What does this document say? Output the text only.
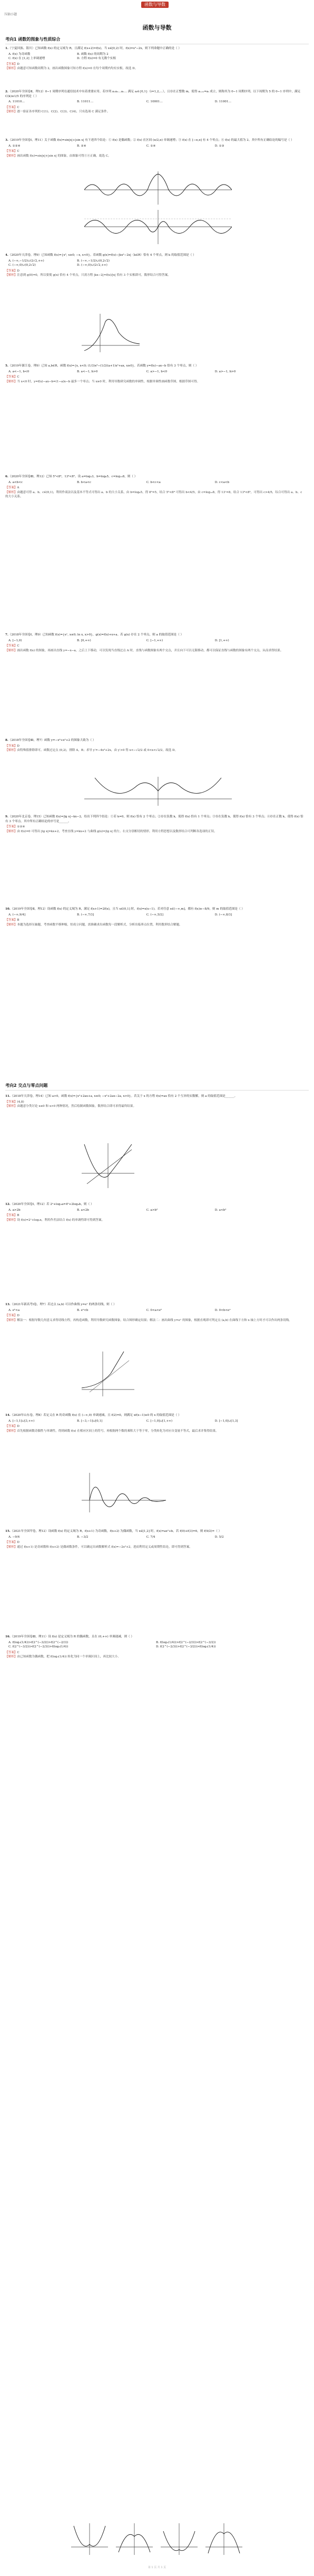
函数与导数
压轴小题
函数与导数
考向1 函数的图象与性质综合

1.（宁夏回族、银川）已知函数 f(x) 的定义域为 R，且满足 f(x+2)=f(x)，当 x∈[0,2) 时，f(x)=x²−2x，则下列命题中正确的是（ ）

A. f(x) 为奇函数	B. 函数 f(x) 的周期为 2
C. f(x) 在 [1,2] 上单调递增	D. 方程 f(x)=0 有无数个实根
【答案】D
【解析】由题意可知函数周期为 2，画出函数图象可知方程 f(x)=0 在每个周期内均有实根，故选 D。

2.（2020年全国卷Ⅱ，理12）0−1 周期序列在通信技术中有着重要应用。若序列 a₁a₂…aₙ… 满足 aᵢ∈{0,1}（i=1,2,…），且存在正整数 m，使得 aᵢ₊ₘ=aᵢ 成立，则称其为 0−1 周期序列。以下周期为 5 的 0−1 序列中，满足 C(k)≤1/5 的序列是（ ）

A. 11010…	B. 11011…	C. 10001…	D. 11001…
【答案】C
【解析】逐一验证各序列的 C(1)、C(2)、C(3)、C(4)，只有选项 C 满足条件。

3.（2019年全国卷Ⅰ，理11）关于函数 f(x)=sin|x|+|sin x| 有下述四个结论：① f(x) 是偶函数；② f(x) 在区间 (π/2,π) 单调递增；③ f(x) 在 [−π,π] 有 4 个零点；④ f(x) 的最大值为 2。其中所有正确结论的编号是（ ）

A. ①②④	B. ②④	C. ①④	D. ①③
【答案】C
【解析】画出函数 f(x)=sin|x|+|sin x| 的图象，由图象可得①④正确，故选 C。

4.（2020年天津卷，理9）已知函数 f(x)={x³, x≥0; −x, x<0}。若函数 g(x)=f(x)−|kx²−2x|（k∈R）恰有 4 个零点，则 k 的取值范围是（ ）

A. (−∞,−1/2)∪(2√2,+∞)	B. (−∞,−1/2)∪(0,2√2)
C. (−∞,0)∪(0,2√2)	D. (−∞,0)∪(2√2,+∞)
【答案】D
【解析】注意到 g(0)=0，所以要使 g(x) 恰有 4 个零点，只需方程 |kx−2|=f(x)/|x| 恰有 3 个实根即可，数形结合可得答案。

5.（2019年浙江卷，理9）已知 a,b∈R，函数 f(x)={x, x<0; (1/3)x³−(1/2)(a+1)x²+ax, x≥0}。若函数 y=f(x)−ax−b 恰有 3 个零点，则（ ）

A. a<−1, b<0	B. a<−1, b>0	C. a>−1, b<0	D. a>−1, b>0
【答案】C
【解析】当 x<0 时，y=f(x)−ax−b=(1−a)x−b 最多一个零点；当 x≥0 时，利用导数研究函数的单调性，根据单调性画函数草图，根据草图可得。

6.（2020年全国卷Ⅲ，理12）已知 5⁵<8⁴，13⁴<8⁵。设 a=log₅3，b=log₈5，c=log₁₃8，则（ ）

A. a<b<c	B. b<a<c	C. b<c<a	D. c<a<b
【答案】A
【解析】由题意可得 a、b、c∈(0,1)，利用作商法以及基本不等式可得出 a、b 的大小关系，由 b=log₈5，得 8ᵇ=5，结合 5⁵<8⁴ 可得出 b<4/5，由 c=log₁₃8，得 13ᶜ=8，结合 13⁴<8⁵，可得出 c>4/5，综合可得出 a、b、c 的大小关系。

7.（2018年全国卷Ⅰ，理9）已知函数 f(x)={eˣ, x≤0; ln x, x>0}，g(x)=f(x)+x+a。若 g(x) 存在 2 个零点，则 a 的取值范围是（ ）

A. [−1,0)	B. [0,+∞)	C. [−1,+∞)	D. [1,+∞)
【答案】C
【解析】画出函数 f(x) 的图象，再画出直线 y=−x−a，之后上下移动，可以发现当直线过点 A 时，直线与函数图象有两个交点，并且向下可以无限移动，都可以保证直线与函数的图象有两个交点，从而求得结果。

8.（2018年全国卷Ⅲ，理7）函数 y=−x⁴+x²+2 的图象大致为（ ）

【答案】D
【解析】由特殊值排除即可。函数过定点 (0,2)，排除 A，B；求导 y′=−4x³+2x，由 y′>0 得 x<−√2/2 或 0<x<√2/2，故选 D。

9.（2020年北京卷，理15）已知函数 f(x)=|lg x|−kx−2，给出下列四个结论：①若 k=0，则 f(x) 恰有 2 个零点；②存在负数 k，使得 f(x) 恰有 1 个零点；③存在负数 k，使得 f(x) 恰有 3 个零点；④存在正数 k，使得 f(x) 恰有 3 个零点。其中所有正确结论的序号是______。

【答案】①②④
【解析】由 f(x)=0 可得出 |lg x|=kx+2，考查直线 y=kx+2 与曲线 g(x)=|lg x| 的左、右支分别相切的情形，利用方程思想以及数形结合可判断各选项的正误。

10.（2019年全国卷Ⅱ，理12）设函数 f(x) 的定义域为 R，满足 f(x+1)=2f(x)，且当 x∈(0,1] 时，f(x)=x(x−1)。若对任意 x∈(−∞,m]，都有 f(x)≥−8/9，则 m 的取值范围是（ ）

A. (−∞,9/4]	B. (−∞,7/3]	C. (−∞,5/2]	D. (−∞,8/3]
【答案】B
【解析】本题为选择压轴题，考查函数平移伸缩，恒成立问题，需准确求出函数每一段解析式，分析出临界点位置，利用数形结合解题。
考向2 交点与零点问题

11.（2018年天津卷，理14）已知 a>0，函数 f(x)={x²+2ax+a, x≤0; −x²+2ax−2a, x>0}。若关于 x 的方程 f(x)=ax 恰有 2 个互异的实数解，则 a 的取值范围是______。

【答案】(4,8)
【解析】由题意分类讨论 x≤0 和 x>0 两种情况，然后绘制函数图象，数形结合即可求得最终结果。

12.（2020年全国卷Ⅰ，理12）若 2ᵃ+log₂a=4ᵇ+2log₄b，则（ ）

A. a>2b	B. a<2b	C. a>b²	D. a<b²
【答案】B
【解析】设 f(x)=2ˣ+log₂x，利用作差法结合 f(x) 的单调性即可得到答案。

13.（2021年新高考Ⅰ卷，理7）若过点 (a,b) 可以作曲线 y=eˣ 的两条切线，则（ ）

A. eᵇ<a	B. eᵃ<b	C. 0<a<eᵇ	D. 0<b<eᵃ
【答案】D
【解析】解法一：根据导数几何意义求得切线方程，再构造函数，利用导数研究函数图象，结合图形确定结果；解法二：画出曲线 y=eˣ 的图象，根据直观即可判定点 (a,b) 在曲线下方和 x 轴上方时才可以作出两条切线。

14.（2020年山东卷，理8）若定义在 R 的奇函数 f(x) 在 (−∞,0) 单调递减，且 f(2)=0，则满足 xf(x−1)≥0 的 x 的取值范围是（ ）

A. [−1,1]∪[3,+∞)	B. [−3,−1]∪[0,1]	C. [−1,0]∪[1,+∞)	D. [−1,0]∪[1,3]
【答案】D
【解析】首先根据函数奇偶性与单调性，得到函数 f(x) 在相应区间上的符号，再根据两个数的乘积大于等于零，分类转化为对应自变量不等式，最后求并集得结果。

15.（2021年全国甲卷，理12）设函数 f(x) 的定义域为 R，f(x+1) 为奇函数，f(x+2) 为偶函数，当 x∈[1,2] 时，f(x)=ax²+b。若 f(0)+f(3)=6，则 f(9/2)=（ ）

A. −9/4	B. −3/2	C. 7/4	D. 5/2
【答案】D
【解析】通过 f(x+1) 是奇函数和 f(x+2) 是偶函数条件，可以确定出函数解析式 f(x)=−2x²+2，进而利用定义或周期性结论，即可得到答案。

16.（2019年全国卷Ⅲ，理11）设 f(x) 是定义域为 R 的偶函数，且在 (0,+∞) 单调递减，则（ ）

A. f(log₃(1/4))>f(2^(−3/2))>f(2^(−2/3))	B. f(log₃(1/4))>f(2^(−2/3))>f(2^(−3/2))
C. f(2^(−3/2))>f(2^(−2/3))>f(log₃(1/4))	D. f(2^(−2/3))>f(2^(−3/2))>f(log₃(1/4))
【答案】C
【解析】由已知函数为偶函数，把 f(log₃(1/4)) 转化为同一个单调区间上，再比较大小。
第 1 页 共 1 页
